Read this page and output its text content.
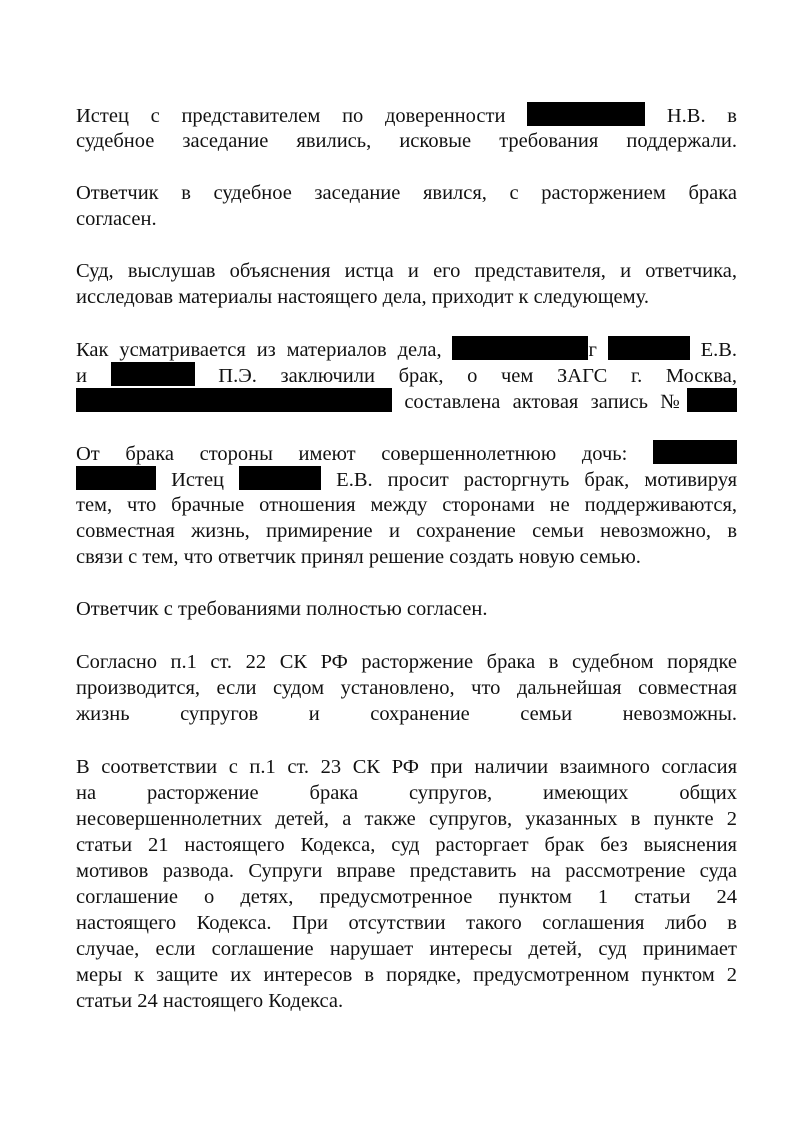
Истец с представителем по доверенности	Н.В. в
судебное заседание явились, исковые требования поддержали.
Ответчик в судебное заседание явился, с расторжением брака
согласен.
Суд, выслушав объяснения истца и его представителя, и ответчика,
исследовав материалы настоящего дела, приходит к следующему.
Как усматривается из материалов дела,	г	Е.В.
и	П.Э. заключили брак, о чем ЗАГС г. Москва,
составлена актовая запись №
От брака стороны имеют совершеннолетнюю дочь:
Истец	Е.В. просит расторгнуть брак, мотивируя
тем, что брачные отношения между сторонами не поддерживаются,
совместная жизнь, примирение и сохранение семьи невозможно, в
связи с тем, что ответчик принял решение создать новую семью.
Ответчик с требованиями полностью согласен.
Согласно п.1 ст. 22 СК РФ расторжение брака в судебном порядке
производится, если судом установлено, что дальнейшая совместная
жизнь супругов и сохранение семьи невозможны.
В соответствии с п.1 ст. 23 СК РФ при наличии взаимного согласия
на расторжение брака супругов, имеющих общих
несовершеннолетних детей, а также супругов, указанных в пункте 2
статьи 21 настоящего Кодекса, суд расторгает брак без выяснения
мотивов развода. Супруги вправе представить на рассмотрение суда
соглашение о детях, предусмотренное пунктом 1 статьи 24
настоящего Кодекса. При отсутствии такого соглашения либо в
случае, если соглашение нарушает интересы детей, суд принимает
меры к защите их интересов в порядке, предусмотренном пунктом 2
статьи 24 настоящего Кодекса.
